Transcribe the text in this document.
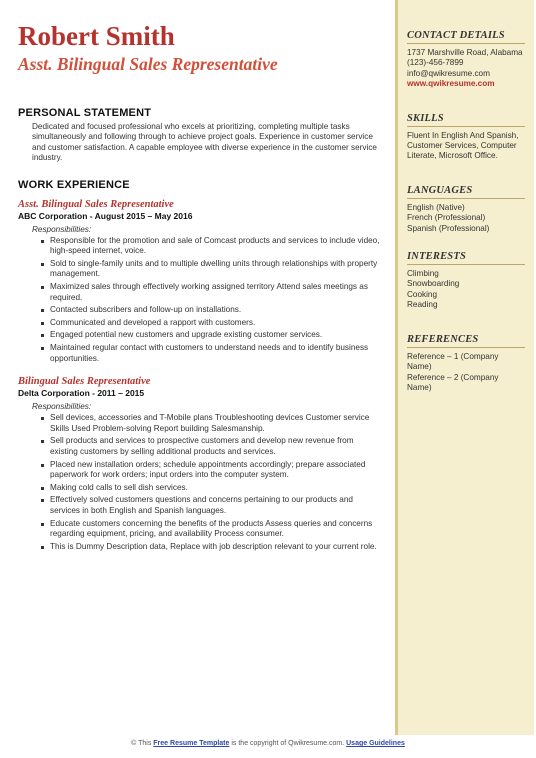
Robert Smith
Asst. Bilingual Sales Representative
PERSONAL STATEMENT
Dedicated and focused professional who excels at prioritizing, completing multiple tasks simultaneously and following through to achieve project goals. Experience in customer service and customer satisfaction. A capable employee with diverse experience in the customer service industry.
WORK EXPERIENCE
Asst. Bilingual Sales Representative
ABC Corporation - August 2015 – May 2016
Responsibilities:
Responsible for the promotion and sale of Comcast products and services to include video, high-speed internet, voice.
Sold to single-family units and to multiple dwelling units through relationships with property management.
Maximized sales through effectively working assigned territory Attend sales meetings as required.
Contacted subscribers and follow-up on installations.
Communicated and developed a rapport with customers.
Engaged potential new customers and upgrade existing customer services.
Maintained regular contact with customers to understand needs and to identify business opportunities.
Bilingual Sales Representative
Delta Corporation - 2011 – 2015
Responsibilities:
Sell devices, accessories and T-Mobile plans Troubleshooting devices Customer service Skills Used Problem-solving Report building Salesmanship.
Sell products and services to prospective customers and develop new revenue from existing customers by selling additional products and services.
Placed new installation orders; schedule appointments accordingly; prepare associated paperwork for work orders; input orders into the computer system.
Making cold calls to sell dish services.
Effectively solved customers questions and concerns pertaining to our products and services in both English and Spanish languages.
Educate customers concerning the benefits of the products Assess queries and concerns regarding equipment, pricing, and availability Process consumer.
This is Dummy Description data, Replace with job description relevant to your current role.
CONTACT DETAILS
1737 Marshville Road, Alabama
(123)-456-7899
info@qwikresume.com
www.qwikresume.com
SKILLS
Fluent In English And Spanish, Customer Services, Computer Literate, Microsoft Office.
LANGUAGES
English (Native)
French (Professional)
Spanish (Professional)
INTERESTS
Climbing
Snowboarding
Cooking
Reading
REFERENCES
Reference – 1 (Company Name)
Reference – 2 (Company Name)
© This Free Resume Template is the copyright of Qwikresume.com. Usage Guidelines
